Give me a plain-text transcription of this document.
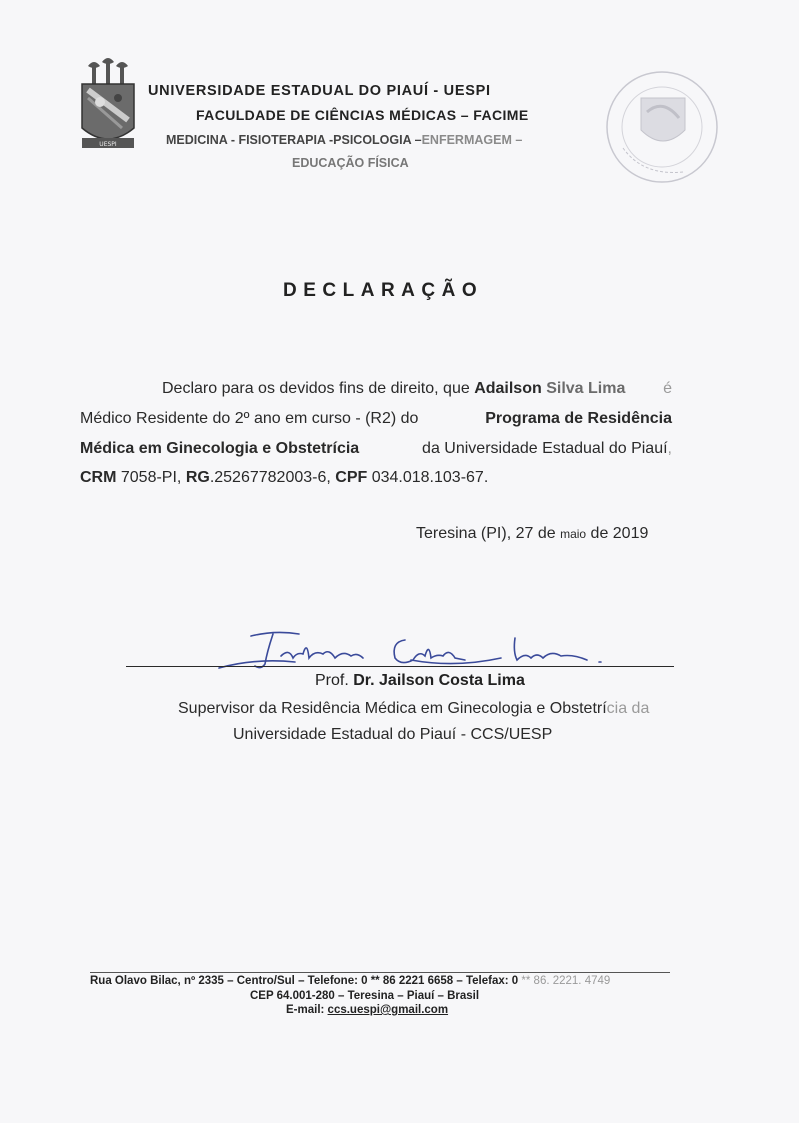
UESPI
UNIVERSIDADE ESTADUAL DO PIAUÍ - UESPI
FACULDADE DE CIÊNCIAS MÉDICAS – FACIME
MEDICINA - FISIOTERAPIA -PSICOLOGIA –ENFERMAGEM –
EDUCAÇÃO FÍSICA
DECLARAÇÃO
Declaro para os devidos fins de direito, que Adailson Silva Lima é
Médico Residente do 2º ano em curso - (R2) do	Programa de Residência
Médica em Ginecologia e Obstetrícia	da Universidade Estadual do Piauí,
CRM 7058-PI, RG.25267782003-6, CPF 034.018.103-67.
Teresina (PI), 27 de maio de 2019
Prof. Dr. Jailson Costa Lima
Supervisor da Residência Médica em Ginecologia e Obstetrícia da
Universidade Estadual do Piauí - CCS/UESP
Rua Olavo Bilac, nº 2335 – Centro/Sul – Telefone: 0 ** 86 2221 6658 – Telefax: 0 ** 86. 2221. 4749
CEP 64.001-280 – Teresina – Piauí – Brasil
E-mail: ccs.uespi@gmail.com
